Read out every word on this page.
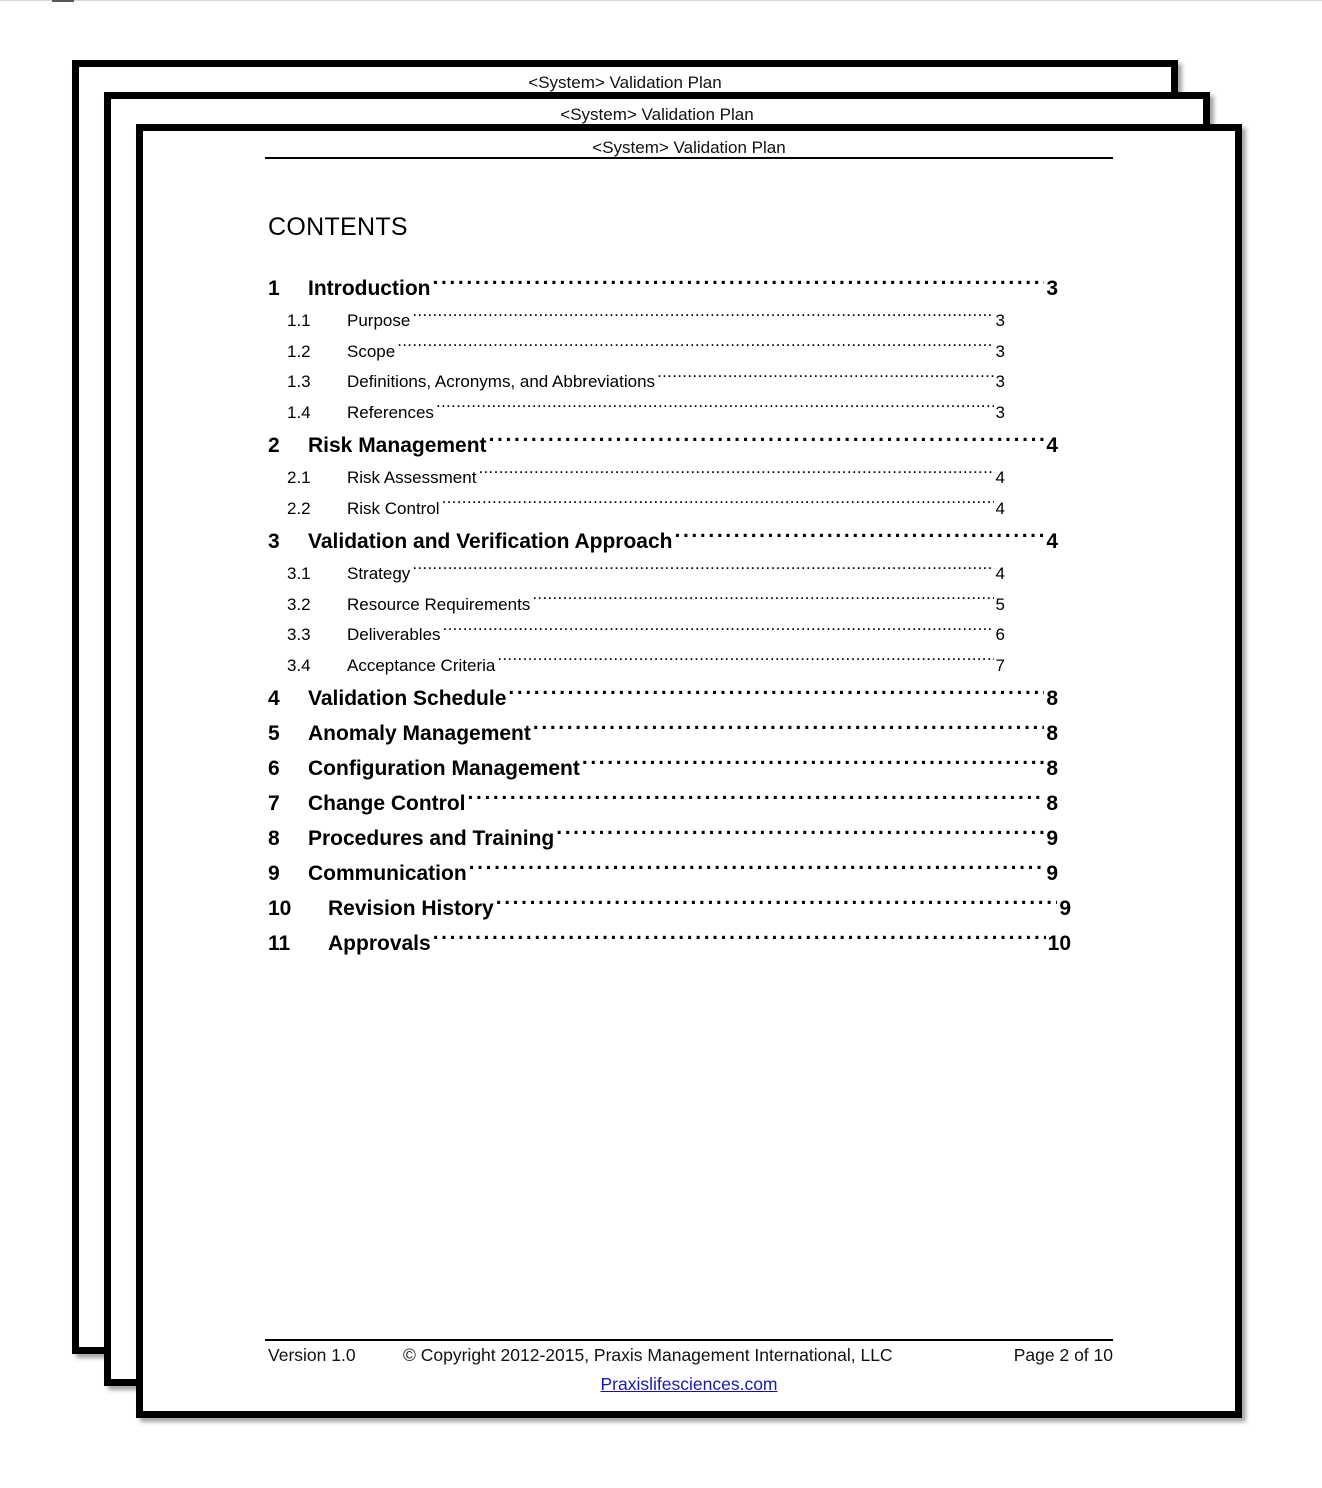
<System> Validation Plan
<System> Validation Plan
<System> Validation Plan
CONTENTS
1	Introduction . . .	3
1.1	Purpose . . .	3
1.2	Scope . . .	3
1.3	Definitions, Acronyms, and Abbreviations . . .	3
1.4	References . . .	3
2	Risk Management . . .	4
2.1	Risk Assessment . . .	4
2.2	Risk Control . . .	4
3	Validation and Verification Approach . . .	4
3.1	Strategy . . .	4
3.2	Resource Requirements . . .	5
3.3	Deliverables . . .	6
3.4	Acceptance Criteria . . .	7
4	Validation Schedule . . .	8
5	Anomaly Management . . .	8
6	Configuration Management . . .	8
7	Change Control . . .	8
8	Procedures and Training . . .	9
9	Communication . . .	9
10	Revision History . . .	9
11	Approvals . . .	10
Version 1.0	© Copyright 2012-2015, Praxis Management International, LLC	Page 2 of 10
Praxislifesciences.com
